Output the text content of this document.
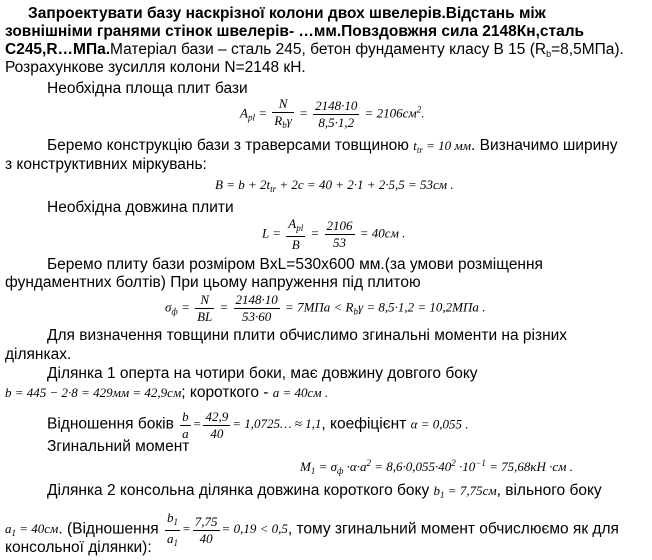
Запроектувати базу наскрізної колони двох швелерів.Відстань між
зовнішніми гранями стінок швелерів- …мм.Повздовжня сила 2148Кн,сталь
С245,R…МПа.Матеріал бази – сталь 245, бетон фундаменту класу В 15 $(R_b=8,5МПа)$.
Розрахункове зусилля колони N=2148 кН.
Необхідна площа плит бази
$A_{pl} = \frac{N}{R_b\gamma} = \frac{2148\cdot 10}{8,5\cdot 1,2} = 2106см^2$.
Беремо конструкцію бази з траверсами товщиною $t_{tr} = 10$ мм. Визначимо ширину
з конструктивних міркувань:
$B = b + 2t_{tr} + 2c = 40 + 2\cdot 1 + 2\cdot 5,5 = 53см$ .
Необхідна довжина плити
$L = \frac{A_{pl}}{B} = \frac{2106}{53} = 40см$ .
Беремо плиту бази розміром BxL=530x600 мм.(за умови розміщення
фундаментних болтів) При цьому напруження під плитою
$\sigma_ф = \frac{N}{BL} = \frac{2148\cdot 10}{53\cdot 60} = 7МПа < R_b\gamma = 8,5\cdot 1,2 = 10,2МПа$ .
Для визначення товщини плити обчислимо згинальні моменти на різних
ділянках.
Ділянка 1 оперта на чотири боки, має довжину довгого боку
b = 445 − 2·8 = 429мм = 42,9см; короткого - a = 40см .
Відношення боків $\frac{b}{a} = \frac{42,9}{40}$ = 1,0725… ≈ 1,1, коефіцієнт α = 0,055 .
Згинальний момент
$M_1 = \sigma_ф \cdot\alpha\cdot a^2 = 8,6\cdot 0,055\cdot 40^2 \cdot 10^{-1} = 75,68кН \cdot см$ .
Ділянка 2 консольна ділянка довжина короткого боку $b_1 = 7,75см$, вільного боку
$a_1 = 40см$. (Відношення $\frac{b_1}{a_1} = \frac{7,75}{40} = 0,19 < 0,5$, тому згинальний момент обчислюємо як для
консольної ділянки):
